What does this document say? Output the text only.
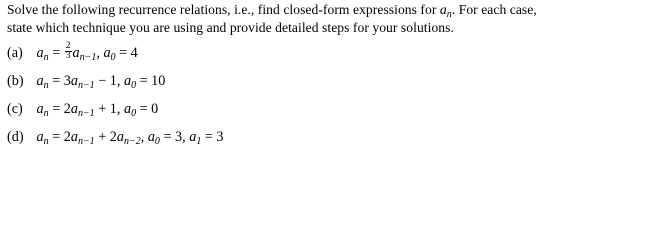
Solve the following recurrence relations, i.e., find closed-form expressions for $a_n$. For each case,
state which technique you are using and provide detailed steps for your solutions.

(a) $a_n = \frac{2}{3} a_{n-1}$, $a_0 = 4$
(b) $a_n = 3a_{n-1} - 1$, $a_0 = 10$
(c) $a_n = 2a_{n-1} + 1$, $a_0 = 0$
(d) $a_n = 2a_{n-1} + 2a_{n-2}$, $a_0 = 3$, $a_1 = 3$
